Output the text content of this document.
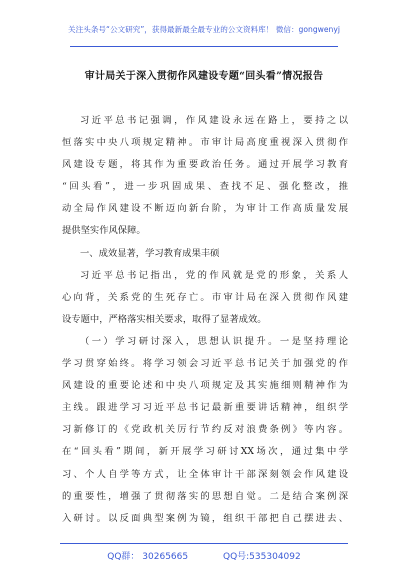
关注头条号“公文研究”，获得最新最全最专业的公文资料库！ 微信：gongwenyj
审计局关于深入贯彻作风建设专题“回头看”情况报告
习近平总书记强调，作风建设永远在路上，要持之以
恒落实中央八项规定精神。市审计局高度重视深入贯彻作
风建设专题，将其作为重要政治任务。通过开展学习教育
“回头看”，进一步巩固成果、查找不足、强化整改，推
动全局作风建设不断迈向新台阶，为审计工作高质量发展
提供坚实作风保障。
一、成效显著，学习教育成果丰硕
习近平总书记指出，党的作风就是党的形象，关系人
心向背，关系党的生死存亡。市审计局在深入贯彻作风建
设专题中，严格落实相关要求，取得了显著成效。
（一）学习研讨深入，思想认识提升。一是坚持理论
学习贯穿始终。将学习领会习近平总书记关于加强党的作
风建设的重要论述和中央八项规定及其实施细则精神作为
主线。跟进学习习近平总书记最新重要讲话精神，组织学
习新修订的《党政机关厉行节约反对浪费条例》等内容。
在“回头看”期间，新开展学习研讨XX场次，通过集中学
习、个人自学等方式，让全体审计干部深刻领会作风建设
的重要性，增强了贯彻落实的思想自觉。二是结合案例深
入研讨。以反面典型案例为镜，组织干部把自己摆进去、
QQ群： 30265665	QQ号:535304092
